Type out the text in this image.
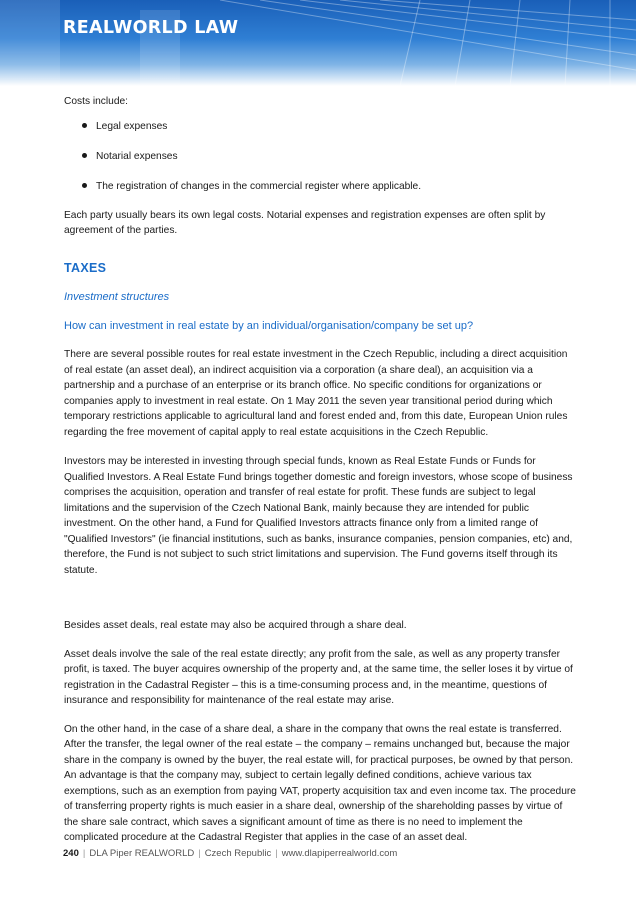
REALWORLD LAW

Costs include:

Legal expenses
Notarial expenses
The registration of changes in the commercial register where applicable.

Each party usually bears its own legal costs. Notarial expenses and registration expenses are often split by agreement of the parties.

TAXES
Investment structures
How can investment in real estate by an individual/organisation/company be set up?

There are several possible routes for real estate investment in the Czech Republic, including a direct acquisition of real estate (an asset deal), an indirect acquisition via a corporation (a share deal), an acquisition via a partnership and a purchase of an enterprise or its branch office. No specific conditions for organizations or companies apply to investment in real estate. On 1 May 2011 the seven year transitional period during which temporary restrictions applicable to agricultural land and forest ended and, from this date, European Union rules regarding the free movement of capital apply to real estate acquisitions in the Czech Republic.

Investors may be interested in investing through special funds, known as Real Estate Funds or Funds for Qualified Investors. A Real Estate Fund brings together domestic and foreign investors, whose scope of business comprises the acquisition, operation and transfer of real estate for profit. These funds are subject to legal limitations and the supervision of the Czech National Bank, mainly because they are intended for public investment. On the other hand, a Fund for Qualified Investors attracts finance only from a limited range of "Qualified Investors" (ie financial institutions, such as banks, insurance companies, pension companies, etc) and, therefore, the Fund is not subject to such strict limitations and supervision. The Fund governs itself through its statute.

Besides asset deals, real estate may also be acquired through a share deal.

Asset deals involve the sale of the real estate directly; any profit from the sale, as well as any property transfer profit, is taxed. The buyer acquires ownership of the property and, at the same time, the seller loses it by virtue of registration in the Cadastral Register – this is a time-consuming process and, in the meantime, questions of insurance and responsibility for maintenance of the real estate may arise.

On the other hand, in the case of a share deal, a share in the company that owns the real estate is transferred. After the transfer, the legal owner of the real estate – the company – remains unchanged but, because the major share in the company is owned by the buyer, the real estate will, for practical purposes, be owned by that person. An advantage is that the company may, subject to certain legally defined conditions, achieve various tax exemptions, such as an exemption from paying VAT, property acquisition tax and even income tax. The procedure of transferring property rights is much easier in a share deal, ownership of the shareholding passes by virtue of the share sale contract, which saves a significant amount of time as there is no need to implement the complicated procedure at the Cadastral Register that applies in the case of an asset deal.

240 | DLA Piper REALWORLD | Czech Republic | www.dlapiperrealworld.com
